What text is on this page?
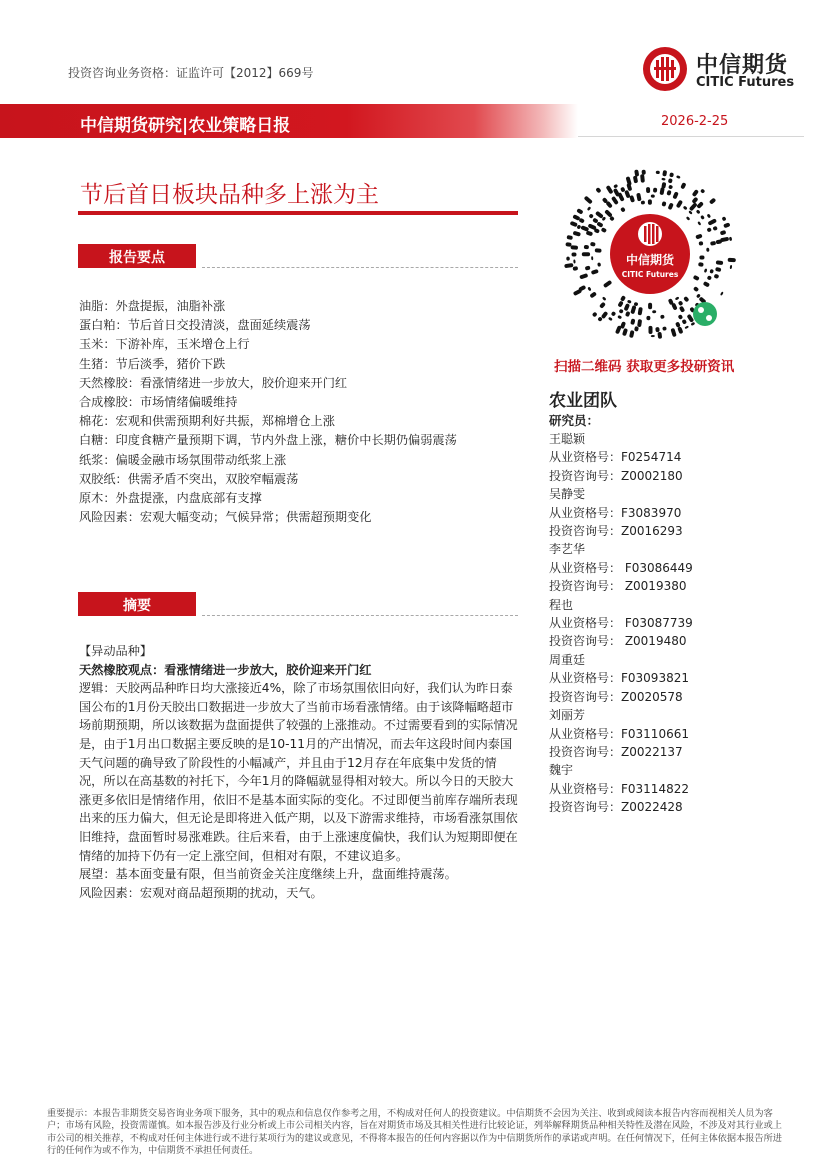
投资咨询业务资格：证监许可【2012】669号	中信期货
CITIC Futures
中信期货研究|农业策略日报	2026-2-25
节后首日板块品种多上涨为主
报告要点
油脂：外盘提振，油脂补涨
蛋白粕：节后首日交投清淡，盘面延续震荡
玉米：下游补库，玉米增仓上行
生猪：节后淡季，猪价下跌
天然橡胶：看涨情绪进一步放大，胶价迎来开门红
合成橡胶：市场情绪偏暖维持
棉花：宏观和供需预期利好共振，郑棉增仓上涨
白糖：印度食糖产量预期下调，节内外盘上涨，糖价中长期仍偏弱震荡
纸浆：偏暖金融市场氛围带动纸浆上涨
双胶纸：供需矛盾不突出，双胶窄幅震荡
原木：外盘提涨，内盘底部有支撑
风险因素：宏观大幅变动；气候异常；供需超预期变化
摘要

【异动品种】

天然橡胶观点：看涨情绪进一步放大，胶价迎来开门红

逻辑：天胶两品种昨日均大涨接近4%，除了市场氛围依旧向好，我们认为昨日泰国公布的1月份天胶出口数据进一步放大了当前市场看涨情绪。由于该降幅略超市场前期预期，所以该数据为盘面提供了较强的上涨推动。不过需要看到的实际情况是，由于1月出口数据主要反映的是10-11月的产出情况，而去年这段时间内泰国天气问题的确导致了阶段性的小幅减产，并且由于12月存在年底集中发货的情况，所以在高基数的衬托下，今年1月的降幅就显得相对较大。所以今日的天胶大涨更多依旧是情绪作用，依旧不是基本面实际的变化。不过即便当前库存端所表现出来的压力偏大，但无论是即将进入低产期，以及下游需求维持，市场看涨氛围依旧维持，盘面暂时易涨难跌。往后来看，由于上涨速度偏快，我们认为短期即便在情绪的加持下仍有一定上涨空间，但相对有限，不建议追多。

展望：基本面变量有限，但当前资金关注度继续上升，盘面维持震荡。

风险因素：宏观对商品超预期的扰动，天气。

中信期货
CITIC Futures
扫描二维码 获取更多投研资讯
农业团队
研究员：
王聪颖
从业资格号：F0254714
投资咨询号：Z0002180
吴静雯
从业资格号：F3083970
投资咨询号：Z0016293
李艺华
从业资格号： F03086449
投资咨询号： Z0019380
程也
从业资格号： F03087739
投资咨询号： Z0019480
周重廷
从业资格号：F03093821
投资咨询号：Z0020578
刘丽芳
从业资格号：F03110661
投资咨询号：Z0022137
魏宇
从业资格号：F03114822
投资咨询号：Z0022428
重要提示：本报告非期货交易咨询业务项下服务，其中的观点和信息仅作参考之用，不构成对任何人的投资建议。中信期货不会因为关注、收到或阅读本报告内容而视相关人员为客户；市场有风险，投资需谨慎。如本报告涉及行业分析或上市公司相关内容，旨在对期货市场及其相关性进行比较论证，列举解释期货品种相关特性及潜在风险，不涉及对其行业或上市公司的相关推荐，不构成对任何主体进行或不进行某项行为的建议或意见，不得将本报告的任何内容据以作为中信期货所作的承诺或声明。在任何情况下，任何主体依据本报告所进行的任何作为或不作为，中信期货不承担任何责任。
